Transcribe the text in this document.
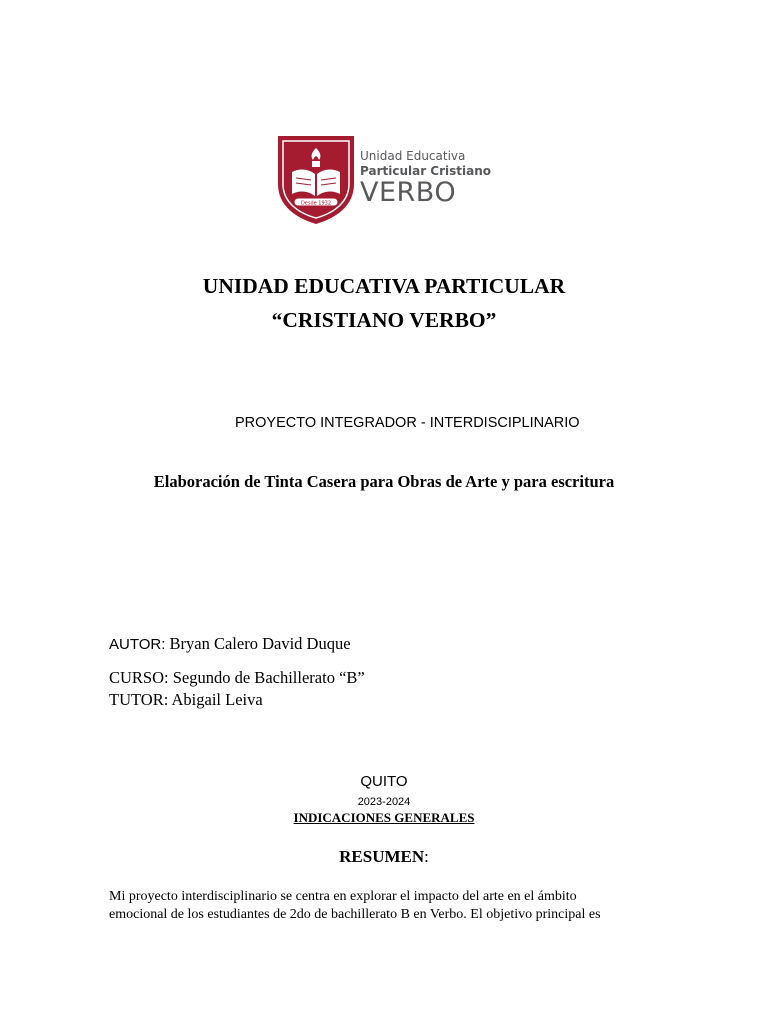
Desde 1932
Unidad Educativa
Particular Cristiano
VERBO
UNIDAD EDUCATIVA PARTICULAR
“CRISTIANO VERBO”
PROYECTO INTEGRADOR - INTERDISCIPLINARIO
Elaboración de Tinta Casera para Obras de Arte y para escritura
AUTOR: Bryan Calero David Duque
CURSO: Segundo de Bachillerato “B”
TUTOR: Abigail Leiva
QUITO
2023-2024
INDICACIONES GENERALES
RESUMEN:
Mi proyecto interdisciplinario se centra en explorar el impacto del arte en el ámbito
emocional de los estudiantes de 2do de bachillerato B en Verbo. El objetivo principal es
